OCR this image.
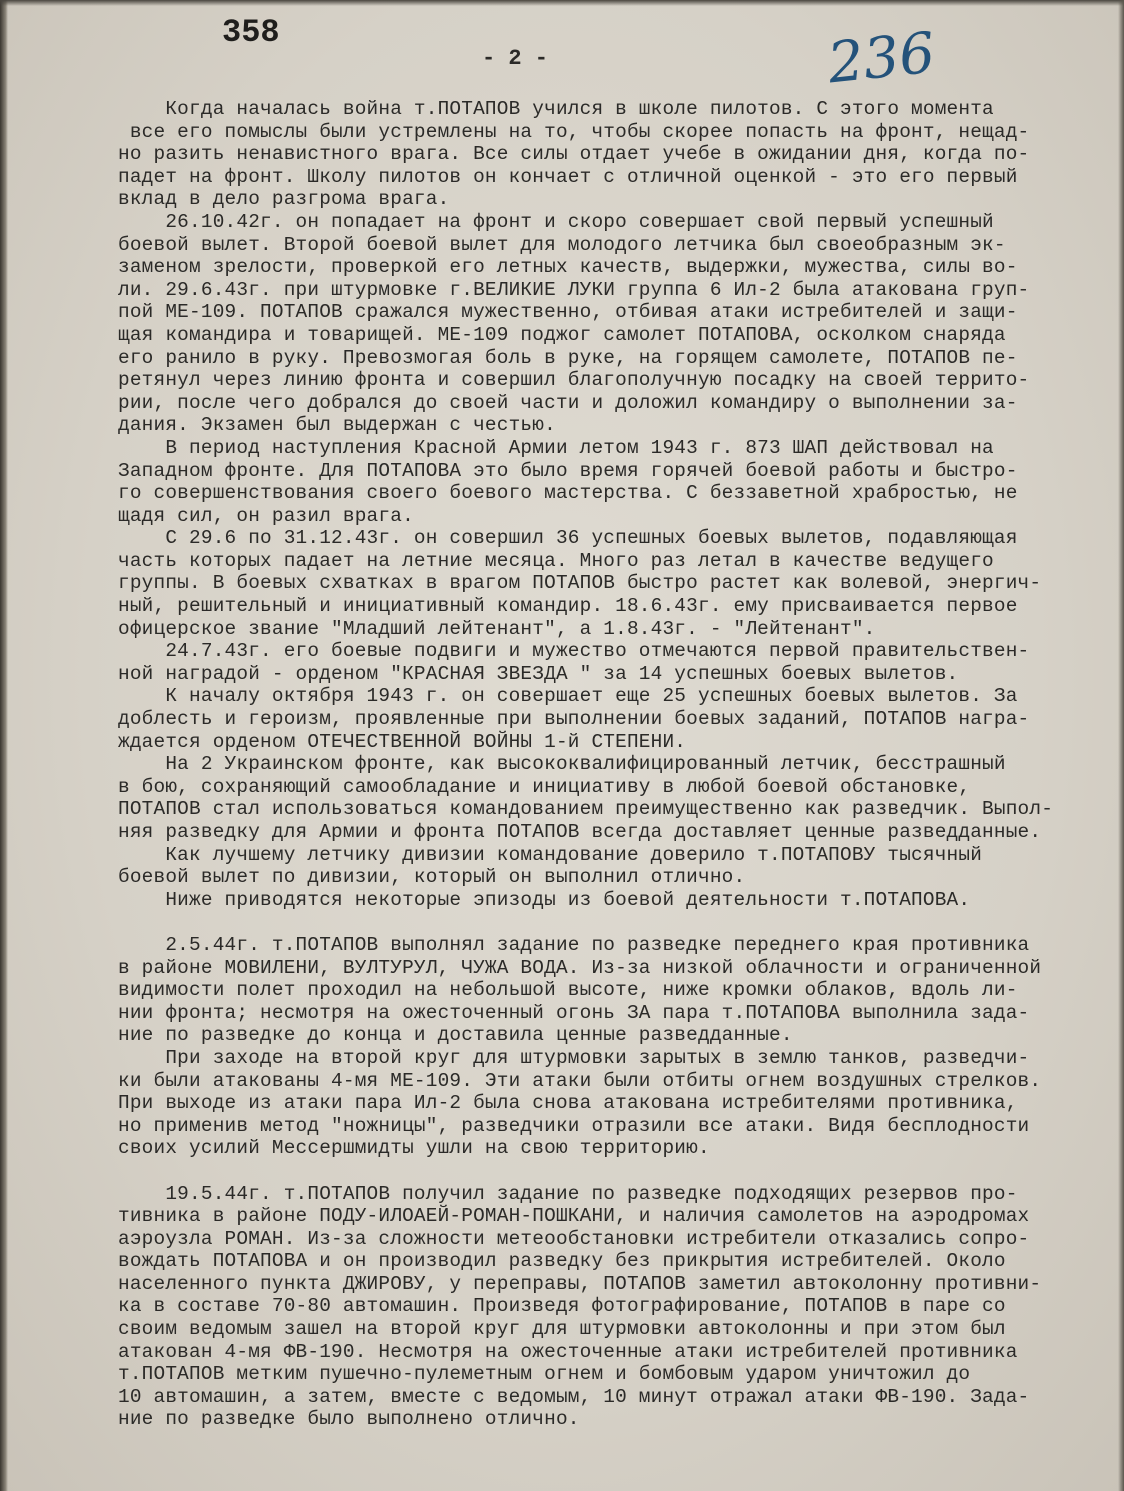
358
- 2 -	236
Когда началась война т.ПОТАПОВ учился в школе пилотов. С этого момента
все его помыслы были устремлены на то, чтобы скорее попасть на фронт, нещад-
но разить ненавистного врага. Все силы отдает учебе в ожидании дня, когда по-
падет на фронт. Школу пилотов он кончает с отличной оценкой - это его первый
вклад в дело разгрома врага.
26.10.42г. он попадает на фронт и скоро совершает свой первый успешный
боевой вылет. Второй боевой вылет для молодого летчика был своеобразным эк-
заменом зрелости, проверкой его летных качеств, выдержки, мужества, силы во-
ли. 29.6.43г. при штурмовке г.ВЕЛИКИЕ ЛУКИ группа 6 Ил-2 была атакована груп-
пой МЕ-109. ПОТАПОВ сражался мужественно, отбивая атаки истребителей и защи-
щая командира и товарищей. МЕ-109 поджог самолет ПОТАПОВА, осколком снаряда
его ранило в руку. Превозмогая боль в руке, на горящем самолете, ПОТАПОВ пе-
ретянул через линию фронта и совершил благополучную посадку на своей террито-
рии, после чего добрался до своей части и доложил командиру о выполнении за-
дания. Экзамен был выдержан с честью.
В период наступления Красной Армии летом 1943 г. 873 ШАП действовал на
Западном фронте. Для ПОТАПОВА это было время горячей боевой работы и быстро-
го совершенствования своего боевого мастерства. С беззаветной храбростью, не
щадя сил, он разил врага.
С 29.6 по 31.12.43г. он совершил 36 успешных боевых вылетов, подавляющая
часть которых падает на летние месяца. Много раз летал в качестве ведущего
группы. В боевых схватках в врагом ПОТАПОВ быстро растет как волевой, энергич-
ный, решительный и инициативный командир. 18.6.43г. ему присваивается первое
офицерское звание "Младший лейтенант", а 1.8.43г. - "Лейтенант".
24.7.43г. его боевые подвиги и мужество отмечаются первой правительствен-
ной наградой - орденом "КРАСНАЯ ЗВЕЗДА " за 14 успешных боевых вылетов.
К началу октября 1943 г. он совершает еще 25 успешных боевых вылетов. За
доблесть и героизм, проявленные при выполнении боевых заданий, ПОТАПОВ награ-
ждается орденом ОТЕЧЕСТВЕННОЙ ВОЙНЫ 1-й СТЕПЕНИ.
На 2 Украинском фронте, как высококвалифицированный летчик, бесстрашный
в бою, сохраняющий самообладание и инициативу в любой боевой обстановке,
ПОТАПОВ стал использоваться командованием преимущественно как разведчик. Выпол-
няя разведку для Армии и фронта ПОТАПОВ всегда доставляет ценные разведданные.
Как лучшему летчику дивизии командование доверило т.ПОТАПОВУ тысячный
боевой вылет по дивизии, который он выполнил отлично.
Ниже приводятся некоторые эпизоды из боевой деятельности т.ПОТАПОВА.
2.5.44г. т.ПОТАПОВ выполнял задание по разведке переднего края противника
в районе МОВИЛЕНИ, ВУЛТУРУЛ, ЧУЖА ВОДА. Из-за низкой облачности и ограниченной
видимости полет проходил на небольшой высоте, ниже кромки облаков, вдоль ли-
нии фронта; несмотря на ожесточенный огонь ЗА пара т.ПОТАПОВА выполнила зада-
ние по разведке до конца и доставила ценные разведданные.
При заходе на второй круг для штурмовки зарытых в землю танков, разведчи-
ки были атакованы 4-мя МЕ-109. Эти атаки были отбиты огнем воздушных стрелков.
При выходе из атаки пара Ил-2 была снова атакована истребителями противника,
но применив метод "ножницы", разведчики отразили все атаки. Видя бесплодности
своих усилий Мессершмидты ушли на свою территорию.
19.5.44г. т.ПОТАПОВ получил задание по разведке подходящих резервов про-
тивника в районе ПОДУ-ИЛОАЕЙ-РОМАН-ПОШКАНИ, и наличия самолетов на аэродромах
аэроузла РОМАН. Из-за сложности метеообстановки истребители отказались сопро-
вождать ПОТАПОВА и он производил разведку без прикрытия истребителей. Около
населенного пункта ДЖИРОВУ, у переправы, ПОТАПОВ заметил автоколонну противни-
ка в составе 70-80 автомашин. Произведя фотографирование, ПОТАПОВ в паре со
своим ведомым зашел на второй круг для штурмовки автоколонны и при этом был
атакован 4-мя ФВ-190. Несмотря на ожесточенные атаки истребителей противника
т.ПОТАПОВ метким пушечно-пулеметным огнем и бомбовым ударом уничтожил до
10 автомашин, а затем, вместе с ведомым, 10 минут отражал атаки ФВ-190. Зада-
ние по разведке было выполнено отлично.
